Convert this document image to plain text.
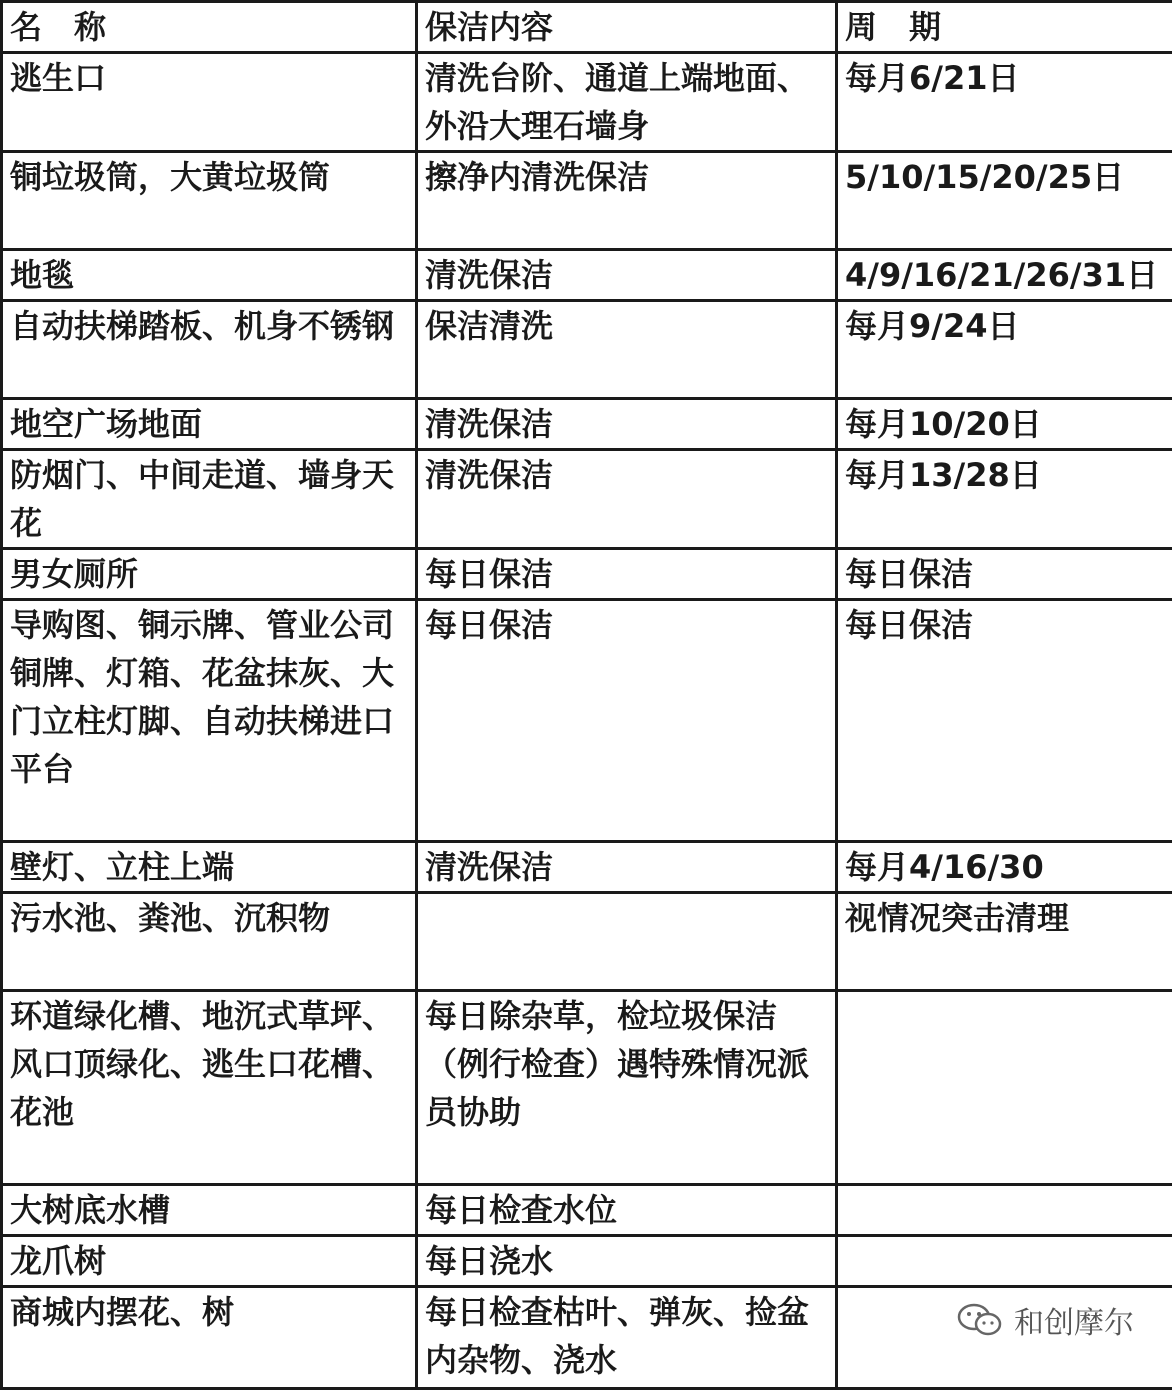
名　称	保洁内容	周　期
逃生口	清洗台阶、通道上端地面、外沿大理石墙身	每月6/21日
铜垃圾筒，大黄垃圾筒	擦净内清洗保洁	5/10/15/20/25日
地毯	清洗保洁	4/9/16/21/26/31日
自动扶梯踏板、机身不锈钢	保洁清洗	每月9/24日
地空广场地面	清洗保洁	每月10/20日
防烟门、中间走道、墙身天花	清洗保洁	每月13/28日
男女厕所	每日保洁	每日保洁
导购图、铜示牌、管业公司铜牌、灯箱、花盆抹灰、大门立柱灯脚、自动扶梯进口平台	每日保洁	每日保洁
壁灯、立柱上端	清洗保洁	每月4/16/30
污水池、粪池、沉积物		视情况突击清理
环道绿化槽、地沉式草坪、风口顶绿化、逃生口花槽、花池	每日除杂草，检垃圾保洁（例行检查）遇特殊情况派员协助	
大树底水槽	每日检查水位	
龙爪树	每日浇水	
商城内摆花、树	每日检查枯叶、弹灰、捡盆内杂物、浇水	
和创摩尔
